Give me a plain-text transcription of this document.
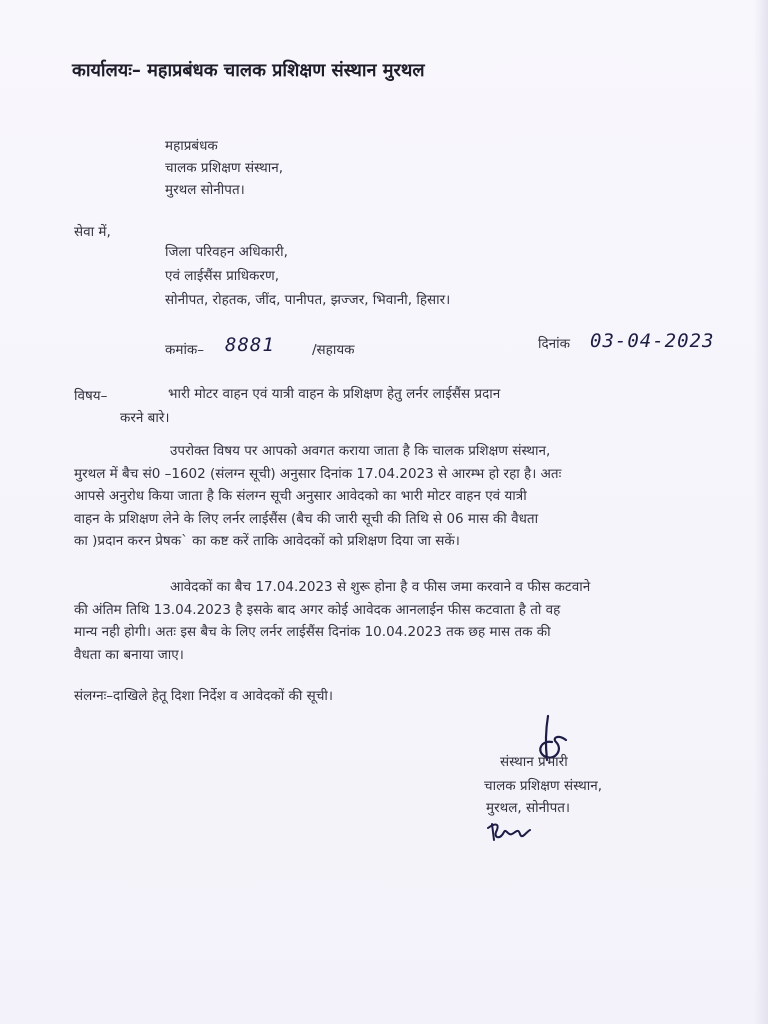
कार्यालयः– महाप्रबंधक चालक प्रशिक्षण संस्थान मुरथल
महाप्रबंधक
चालक प्रशिक्षण संस्थान,
मुरथल सोनीपत।
सेवा में,
जिला परिवहन अधिकारी,
एवं लाईसैंस प्राधिकरण,
सोनीपत, रोहतक, जींद, पानीपत, झज्जर, भिवानी, हिसार।
कमांक– 8881	/सहायक	दिनांक 03-04-2023
विषय–	भारी मोटर वाहन एवं यात्री वाहन के प्रशिक्षण हेतु लर्नर लाईसैंस प्रदान
करने बारे।
उपरोक्त विषय पर आपको अवगत कराया जाता है कि चालक प्रशिक्षण संस्थान,
मुरथल में बैच सं0 –1602 (संलग्न सूची) अनुसार दिनांक 17.04.2023 से आरम्भ हो रहा है। अतः
आपसे अनुरोध किया जाता है कि संलग्न सूची अनुसार आवेदको का भारी मोटर वाहन एवं यात्री
वाहन के प्रशिक्षण लेने के लिए लर्नर लाईसैंस (बैच की जारी सूची की तिथि से 06 मास की वैधता
का )प्रदान करन प्रेषक` का कष्ट करें ताकि आवेदकों को प्रशिक्षण दिया जा सकें।
आवेदकों का बैच 17.04.2023 से शुरू होना है व फीस जमा करवाने व फीस कटवाने
की अंतिम तिथि 13.04.2023 है इसके बाद अगर कोई आवेदक आनलाईन फीस कटवाता है तो वह
मान्य नही होगी। अतः इस बैच के लिए लर्नर लाईसैंस दिनांक 10.04.2023 तक छह मास तक की
वैधता का बनाया जाए।
संलग्नः–दाखिले हेतू दिशा निर्देश व आवेदकों की सूची।
संस्थान प्रभारी
चालक प्रशिक्षण संस्थान,
मुरथल, सोनीपत।
